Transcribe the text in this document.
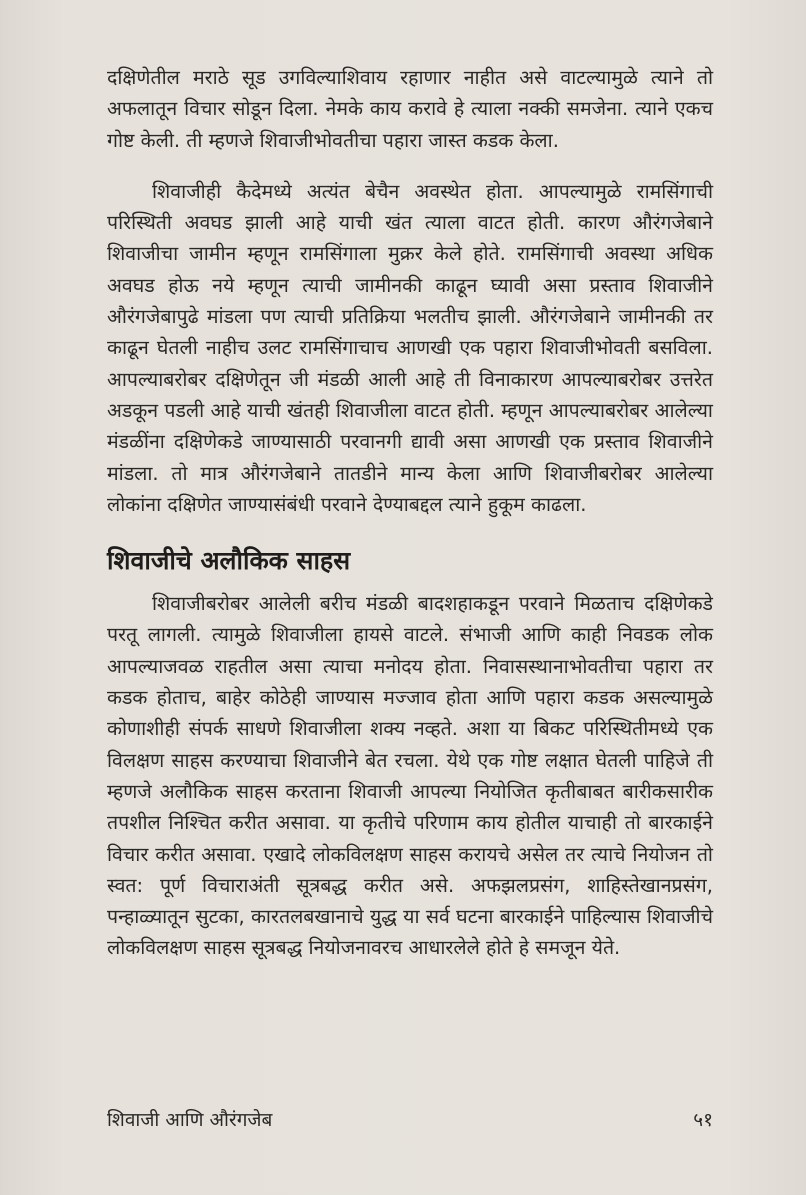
दक्षिणेतील मराठे सूड उगविल्याशिवाय रहाणार नाहीत असे वाटल्यामुळे त्याने तो अफलातून विचार सोडून दिला. नेमके काय करावे हे त्याला नक्की समजेना. त्याने एकच गोष्ट केली. ती म्हणजे शिवाजीभोवतीचा पहारा जास्त कडक केला.

शिवाजीही कैदेमध्ये अत्यंत बेचैन अवस्थेत होता. आपल्यामुळे रामसिंगाची परिस्थिती अवघड झाली आहे याची खंत त्याला वाटत होती. कारण औरंगजेबाने शिवाजीचा जामीन म्हणून रामसिंगाला मुक्रर केले होते. रामसिंगाची अवस्था अधिक अवघड होऊ नये म्हणून त्याची जामीनकी काढून घ्यावी असा प्रस्ताव शिवाजीने औरंगजेबापुढे मांडला पण त्याची प्रतिक्रिया भलतीच झाली. औरंगजेबाने जामीनकी तर काढून घेतली नाहीच उलट रामसिंगाचाच आणखी एक पहारा शिवाजीभोवती बसविला. आपल्याबरोबर दक्षिणेतून जी मंडळी आली आहे ती विनाकारण आपल्याबरोबर उत्तरेत अडकून पडली आहे याची खंतही शिवाजीला वाटत होती. म्हणून आपल्याबरोबर आलेल्या मंडळींना दक्षिणेकडे जाण्यासाठी परवानगी द्यावी असा आणखी एक प्रस्ताव शिवाजीने मांडला. तो मात्र औरंगजेबाने तातडीने मान्य केला आणि शिवाजीबरोबर आलेल्या लोकांना दक्षिणेत जाण्यासंबंधी परवाने देण्याबद्दल त्याने हुकूम काढला.

शिवाजीचे अलौकिक साहस

शिवाजीबरोबर आलेली बरीच मंडळी बादशहाकडून परवाने मिळताच दक्षिणेकडे परतू लागली. त्यामुळे शिवाजीला हायसे वाटले. संभाजी आणि काही निवडक लोक आपल्याजवळ राहतील असा त्याचा मनोदय होता. निवासस्थानाभोवतीचा पहारा तर कडक होताच, बाहेर कोठेही जाण्यास मज्जाव होता आणि पहारा कडक असल्यामुळे कोणाशीही संपर्क साधणे शिवाजीला शक्य नव्हते. अशा या बिकट परिस्थितीमध्ये एक विलक्षण साहस करण्याचा शिवाजीने बेत रचला. येथे एक गोष्ट लक्षात घेतली पाहिजे ती म्हणजे अलौकिक साहस करताना शिवाजी आपल्या नियोजित कृतीबाबत बारीकसारीक तपशील निश्चित करीत असावा. या कृतीचे परिणाम काय होतील याचाही तो बारकाईने विचार करीत असावा. एखादे लोकविलक्षण साहस करायचे असेल तर त्याचे नियोजन तो स्वत: पूर्ण विचाराअंती सूत्रबद्ध करीत असे. अफझलप्रसंग, शाहिस्तेखानप्रसंग, पन्हाळ्यातून सुटका, कारतलबखानाचे युद्ध या सर्व घटना बारकाईने पाहिल्यास शिवाजीचे लोकविलक्षण साहस सूत्रबद्ध नियोजनावरच आधारलेले होते हे समजून येते.

शिवाजी आणि औरंगजेब	५१
